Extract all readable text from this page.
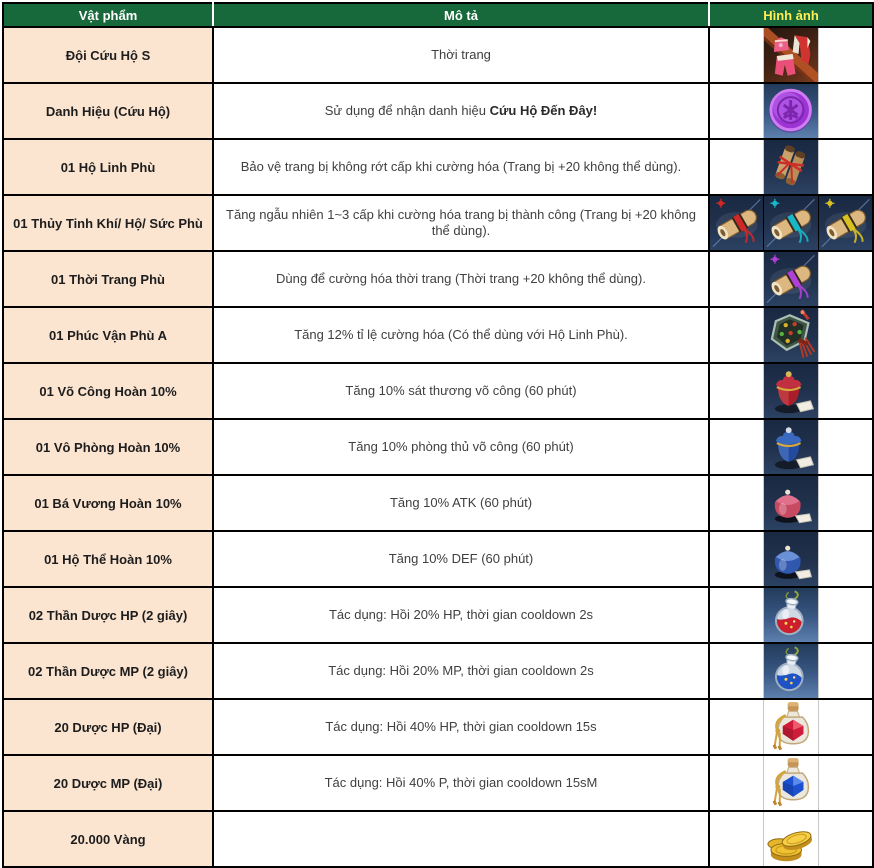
Vật phẩm	Mô tả	Hình ảnh
Đội Cứu Hộ S	Thời trang	

Danh Hiệu (Cứu Hộ)	Sử dụng để nhận danh hiệu Cứu Hộ Đến Đây!	

01 Hộ Linh Phù	Bảo vệ trang bị không rớt cấp khi cường hóa (Trang bị +20 không thể dùng).	

01 Thủy Tinh Khí/ Hộ/ Sức Phù	Tăng ngẫu nhiên 1~3 cấp khi cường hóa trang bị thành công (Trang bị +20 không thể dùng).	

01 Thời Trang Phù	Dùng để cường hóa thời trang (Thời trang +20 không thể dùng).	

01 Phúc Vận Phù A	Tăng 12% tỉ lệ cường hóa (Có thể dùng với Hộ Linh Phù).	

01 Võ Công Hoàn 10%	Tăng 10% sát thương võ công (60 phút)	

01 Vô Phòng Hoàn 10%	Tăng 10% phòng thủ võ công (60 phút)	

01 Bá Vương Hoàn 10%	Tăng 10% ATK (60 phút)	

01 Hộ Thể Hoàn 10%	Tăng 10% DEF (60 phút)	

02 Thần Dược HP (2 giây)	Tác dụng: Hồi 20% HP, thời gian cooldown 2s	

02 Thần Dược MP (2 giây)	Tác dụng: Hồi 20% MP, thời gian cooldown 2s	

20 Dược HP (Đại)	Tác dụng: Hồi 40% HP, thời gian cooldown 15s	

20 Dược MP (Đại)	Tác dụng: Hồi 40% P, thời gian cooldown 15sM	

20.000 Vàng		
